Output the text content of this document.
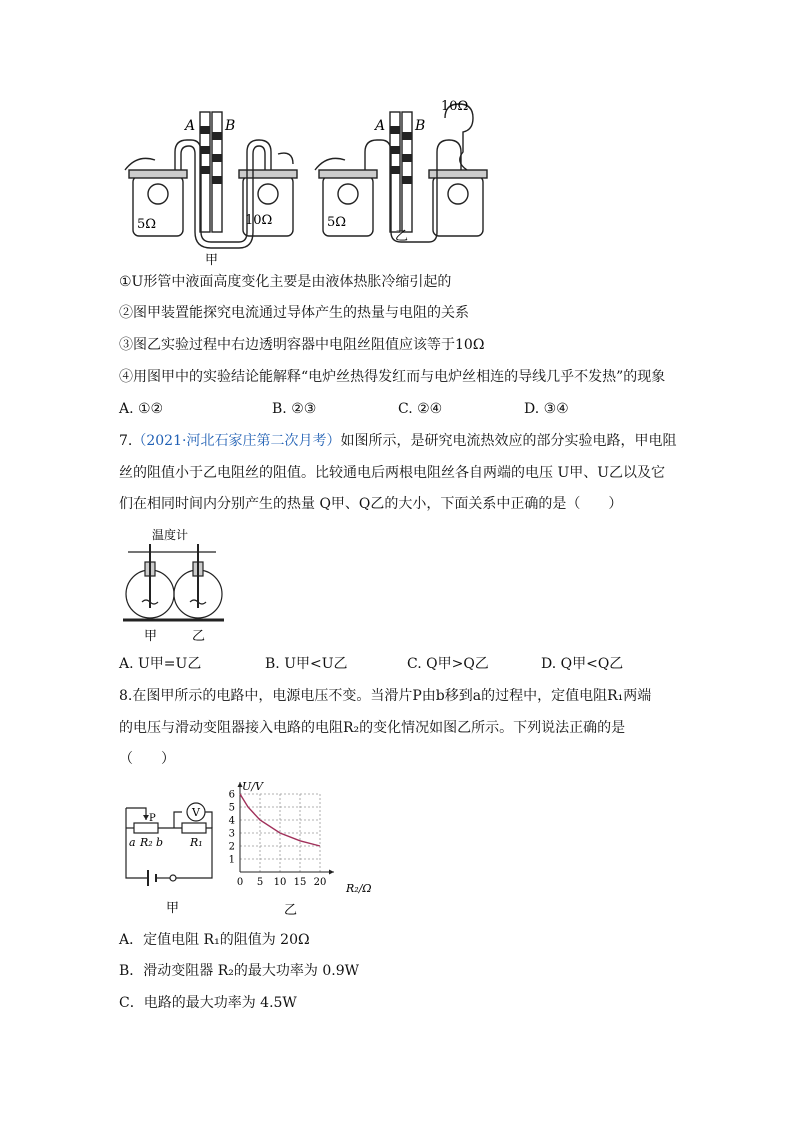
A B	A B
5Ω	10Ω	5Ω
10Ω
甲
乙
①U形管中液面高度变化主要是由液体热胀冷缩引起的
②图甲装置能探究电流通过导体产生的热量与电阻的关系
③图乙实验过程中右边透明容器中电阻丝阻值应该等于10Ω
④用图甲中的实验结论能解释“电炉丝热得发红而与电炉丝相连的导线几乎不发热”的现象
A. ①②	B. ②③	C. ②④	D. ③④
7.（2021·河北石家庄第二次月考）如图所示，是研究电流热效应的部分实验电路，甲电阻
丝的阻值小于乙电阻丝的阻值。比较通电后两根电阻丝各自两端的电压 U甲、U乙以及它
们在相同时间内分别产生的热量 Q甲、Q乙的大小，下面关系中正确的是（　　）
温度计
甲	乙
A. U甲=U乙	B. U甲<U乙	C. Q甲>Q乙	D. Q甲<Q乙
8.在图甲所示的电路中，电源电压不变。当滑片P由b移到a的过程中，定值电阻R₁两端
的电压与滑动变阻器接入电路的电阻R₂的变化情况如图乙所示。下列说法正确的是
（　　）
V
P
a R₂ b R₁
甲
0 5 10 15 20
1
2
3
4
5
6
U/V
R₂/Ω
乙
A．定值电阻 R₁的阻值为 20Ω
B．滑动变阻器 R₂的最大功率为 0.9W
C．电路的最大功率为 4.5W
